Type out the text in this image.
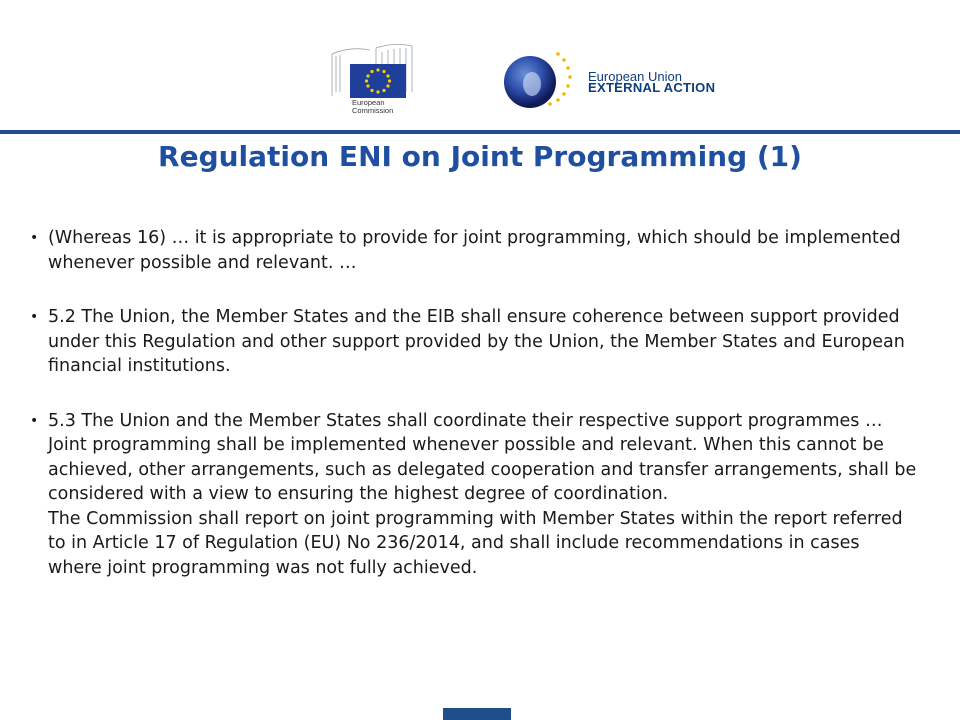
European
Commission
European Union
EXTERNAL ACTION
Regulation ENI on Joint Programming (1)
• (Whereas 16) … it is appropriate to provide for joint programming, which should be implemented whenever possible and relevant. …

• 5.2 The Union, the Member States and the EIB shall ensure coherence between support provided under this Regulation and other support provided by the Union, the Member States and European financial institutions.

• 5.3 The Union and the Member States shall coordinate their respective support programmes … Joint programming shall be implemented whenever possible and relevant. When this cannot be achieved, other arrangements, such as delegated cooperation and transfer arrangements, shall be considered with a view to ensuring the highest degree of coordination.

The Commission shall report on joint programming with Member States within the report referred to in Article 17 of Regulation (EU) No 236/2014, and shall include recommendations in cases where joint programming was not fully achieved.
